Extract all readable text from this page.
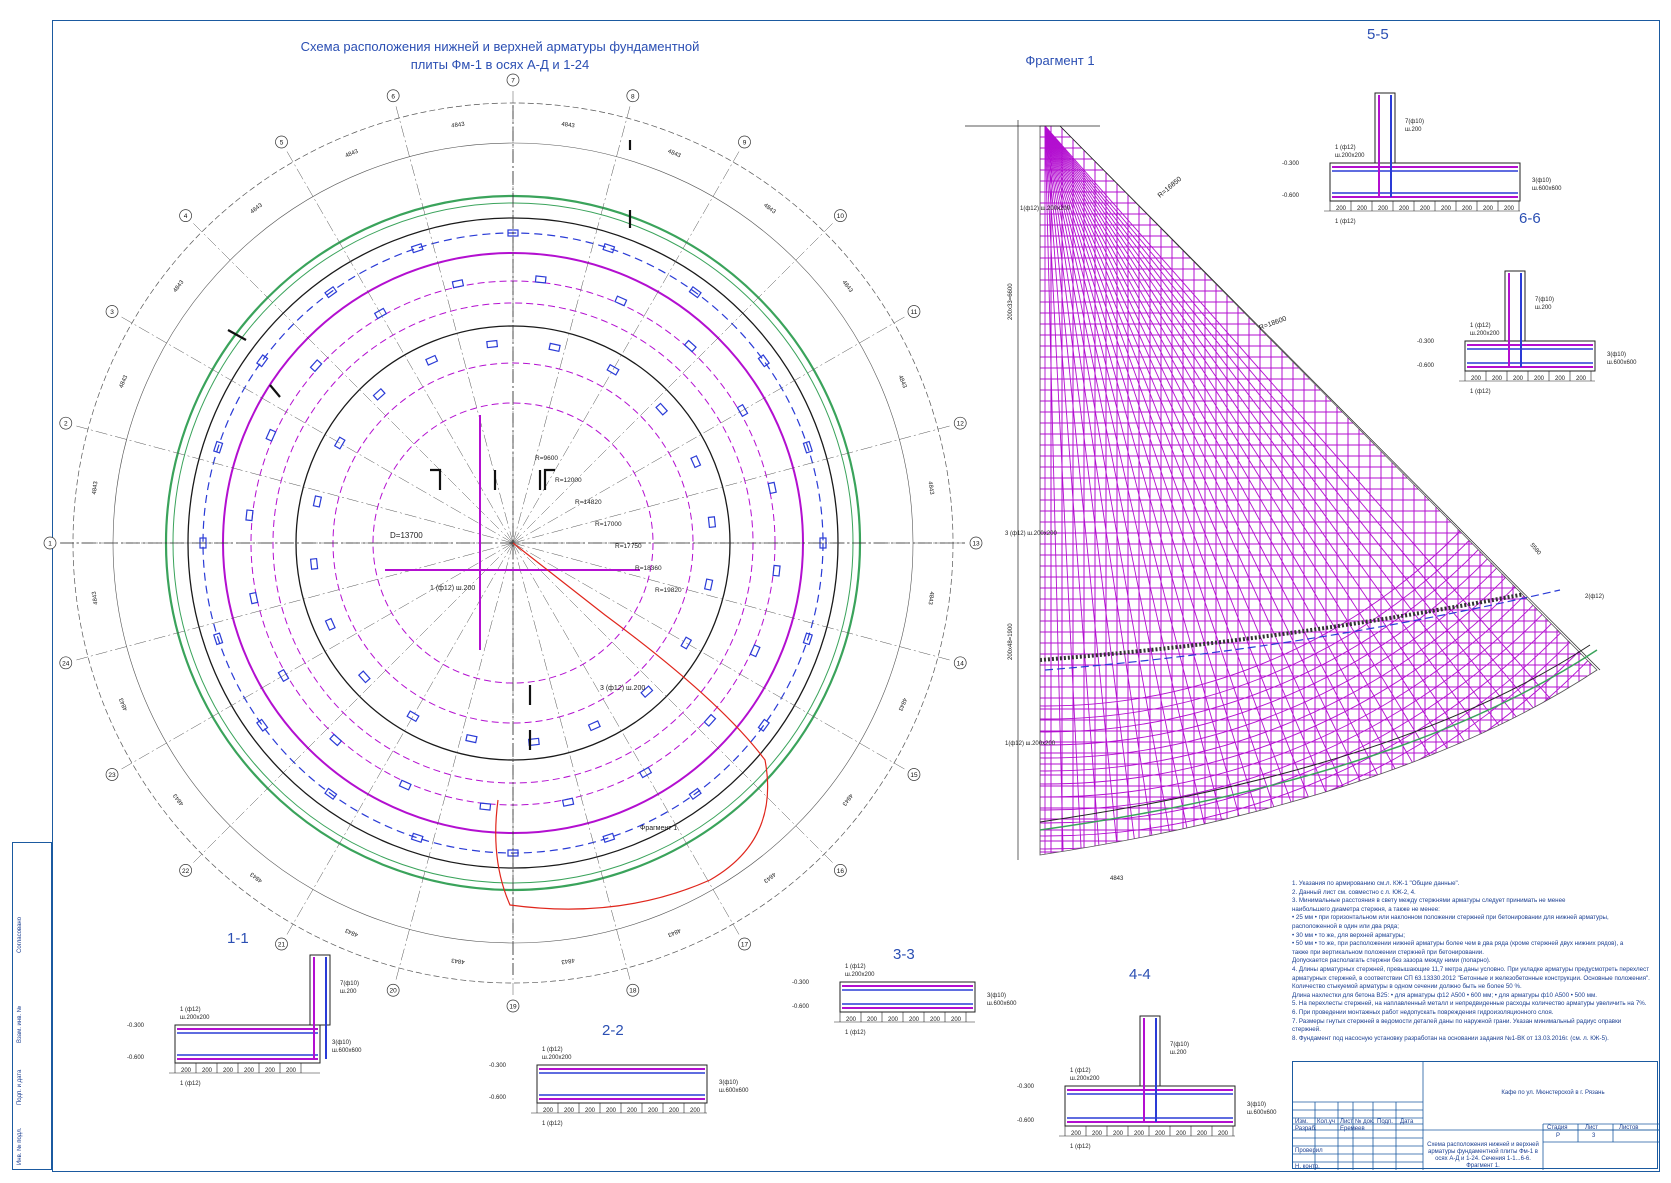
Согласовано
Взам. инв. №
Подп. и дата
Инв. № подл.
Схема расположения нижней и верхней арматуры фундаментной плиты Фм-1 в осях А-Д и 1-24	Фрагмент 1
5-5
6-6
1-1
2-2
3-3
4-4
1
2
3
4
5
6
7
8
9
10
11
12
13
14
15
16
17
18
19
20
21
22
23
24
4843
4843
4843
4843
4843
4843	4843
4843
4843
4843
4843
4843
4843
4843
4843
4843
4843
4843
4843
4843
4843
4843
4843
4843
R=9600
R=12000
R=14820
R=17000
R=17750
R=18360
R=19820
D=13700
Фрагмент 1
3 (ф12) ш.200
1 (ф12) ш.200
R=16850
R=18600
1(ф12) ш.200x200
3 (ф12) ш.200x200
1(ф12) ш.200x200
2(ф12)
200x33=6600
200x48=1900
5580
4843
200 200 200 200 200 200 200 200 200
-0.300
-0.600
1 (ф12)
ш.200x200
1 (ф12)
3(ф10)
ш.600x600
7(ф10)
ш.200
200 200 200 200 200 200
-0.300
-0.600
1 (ф12)
ш.200x200
1 (ф12)
3(ф10)
ш.600x600
7(ф10)
ш.200
200 200 200 200 200 200
-0.300
-0.600
1 (ф12)
ш.200x200
1 (ф12)
3(ф10)
ш.600x600
7(ф10)
ш.200
200 200 200 200 200 200 200 200
-0.300
-0.600
1 (ф12)
ш.200x200
1 (ф12)
3(ф10)
ш.600x600
200 200 200 200 200 200
-0.300
-0.600
1 (ф12)
ш.200x200
1 (ф12)
3(ф10)
ш.600x600
200 200 200 200 200 200 200 200
-0.300
-0.600
1 (ф12)
ш.200x200
1 (ф12)
3(ф10)
ш.600x600
7(ф10)
ш.200
1. Указания по армированию см.л. КЖ-1 "Общие данные".
2. Данный лист см. совместно с л. КЖ-2, 4.
3. Минимальные расстояния в свету между стержнями арматуры следует принимать не менее
наибольшего диаметра стержня, а также не менее:
• 25 мм • при горизонтальном или наклонном положении стержней при бетонировании для нижней арматуры,
расположенной в один или два ряда;
• 30 мм • то же, для верхней арматуры;
• 50 мм • то же, при расположении нижней арматуры более чем в два ряда (кроме стержней двух нижних рядов), а
также при вертикальном положении стержней при бетонировании.
Допускается располагать стержни без зазора между ними (попарно).
4. Длины арматурных стержней, превышающие 11,7 метра даны условно. При укладке арматуры предусмотреть перехлест
арматурных стержней, в соответствии СП 63.13330.2012 "Бетонные и железобетонные конструкции. Основные положения".
Количество стыкуемой арматуры в одном сечении должно быть не более 50 %.
Длина нахлестки для бетона В25: • для арматуры ф12 А500 • 600 мм; • для арматуры ф10 А500 • 500 мм.
5. На перехлесты стержней, на наплавленный металл и непредвиденные расходы количество арматуры увеличить на 7%.
6. При проведении монтажных работ недопускать повреждения гидроизоляционного слоя.
7. Размеры гнутых стержней в ведомости деталей даны по наружной грани. Указан минимальный радиус оправки
стержней.
8. Фундамент под насосную установку разработан на основании задания №1-ВК от 13.03.2016г. (см. л. КЖ-5).
Кафе по ул. Мюнстерской в г. Рязань
Изм. Кол.уч Лист № док. Подп. Дата
Разраб.	Еремеев
Проверил
Н. контр.
Стадия	Лист	Листов
Р	3
Схема расположения нижней и верхней арматуры фундаментной плиты Фм-1 в осях А-Д и 1-24. Сечения 1-1...6-6. Фрагмент 1.
